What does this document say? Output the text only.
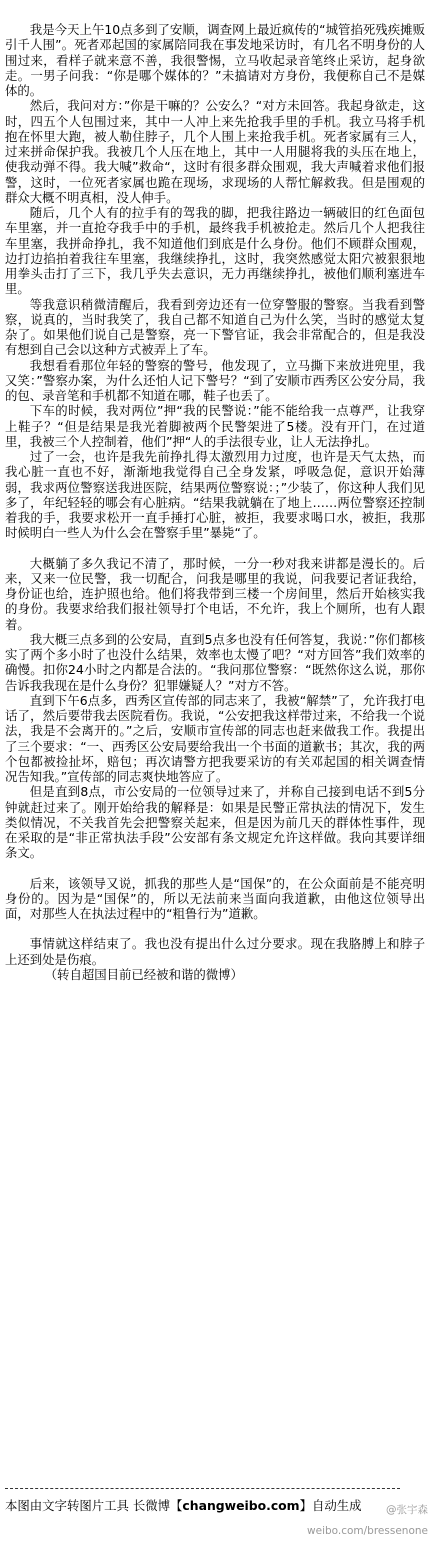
我是今天上午10点多到了安顺，调查网上最近疯传的“城管掐死残疾摊贩引千人围”。死者邓起国的家属陪同我在事发地采访时，有几名不明身份的人围过来，看样子就来意不善，我很警惕，立马收起录音笔终止采访，起身欲走。一男子问我：“你是哪个媒体的？”未搞请对方身份，我便称自己不是媒体的。

然后，我问对方：”你是干嘛的？公安么？“对方未回答。我起身欲走，这时，四五个人包围过来，其中一人冲上来先抢我手里的手机。我立马将手机抱在怀里大跑，被人勒住脖子，几个人围上来抢我手机。死者家属有三人，过来拼命保护我。我被几个人压在地上，其中一人用腿将我的头压在地上，使我动弹不得。我大喊”救命“，这时有很多群众围观，我大声喊着求他们报警，这时，一位死者家属也跪在现场，求现场的人帮忙解救我。但是围观的群众大概不明真相，没人伸手。

随后，几个人有的拉手有的驾我的脚，把我往路边一辆破旧的红色面包车里塞，并一直抢夺我手中的手机，最终我手机被抢走。然后几个人把我往车里塞，我拼命挣扎，我不知道他们到底是什么身份。他们不顾群众围观，边打边掐拍着我往车里塞，我继续挣扎，这时，我突然感觉太阳穴被狠狠地用拳头击打了三下，我几乎失去意识，无力再继续挣扎，被他们顺利塞进车里。

等我意识稍微清醒后，我看到旁边还有一位穿警服的警察。当我看到警察，说真的，当时我笑了，我自己都不知道自己为什么笑，当时的感觉太复杂了。如果他们说自己是警察，亮一下警官证，我会非常配合的，但是我没有想到自己会以这种方式被弄上了车。

我想看看那位年轻的警察的警号，他发现了，立马撕下来放进兜里，我又笑：”警察办案，为什么还怕人记下警号？“到了安顺市西秀区公安分局，我的包、录音笔和手机都不知道在哪，鞋子也丢了。

下车的时候，我对两位”押“我的民警说：”能不能给我一点尊严，让我穿上鞋子？“但是结果是我光着脚被两个民警架进了5楼。没有开门，在过道里，我被三个人控制着，他们”押“人的手法很专业，让人无法挣扎。

过了一会，也许是我先前挣扎得太激烈用力过度，也许是天气太热，而我心脏一直也不好，渐渐地我觉得自己全身发紧，呼吸急促，意识开始薄弱，我求两位警察送我进医院，结果两位警察说：；”少装了，你这种人我们见多了，年纪轻轻的哪会有心脏病。“结果我就躺在了地上……两位警察还控制着我的手，我要求松开一直手捶打心脏，被拒，我要求喝口水，被拒，我那时候明白一些人为什么会在警察手里”暴毙“了。

大概躺了多久我记不清了，那时候，一分一秒对我来讲都是漫长的。后来，又来一位民警，我一切配合，问我是哪里的我说，问我要记者证我给，身份证也给，连护照也给。他们将我带到三楼一个房间里，然后开始核实我的身份。我要求给我们报社领导打个电话，不允许，我上个厕所，也有人跟着。

我大概三点多到的公安局，直到5点多也没有任何答复，我说：”你们都核实了两个多小时了也没什么结果，效率也太慢了吧？“对方回答”我们效率的确慢。扣你24小时之内都是合法的。“我问那位警察：“既然你这么说，那你告诉我我现在是什么身份？犯罪嫌疑人？”对方不答。

直到下午6点多，西秀区宣传部的同志来了，我被“解禁”了，允许我打电话了，然后要带我去医院看伤。我说，“公安把我这样带过来，不给我一个说法，我是不会离开的。”之后，安顺市宣传部的同志也赶来做我工作。我提出了三个要求：“一、西秀区公安局要给我出一个书面的道歉书；其次，我的两个包都被捡扯坏，赔包；再次请警方把我要采访的有关邓起国的相关调查情况告知我。”宣传部的同志爽快地答应了。

但是直到8点，市公安局的一位领导过来了，并称自己接到电话不到5分钟就赶过来了。刚开始给我的解释是：如果是民警正常执法的情况下，发生类似情况，不关我首先会把警察关起来，但是因为前几天的群体性事件，现在采取的是“非正常执法手段”公安部有条文规定允许这样做。我向其要详细条文。

后来，该领导又说，抓我的那些人是“国保”的，在公众面前是不能亮明身份的。因为是“国保”的，所以无法前来当面向我道歉，由他这位领导出面，对那些人在执法过程中的“粗鲁行为”道歉。

事情就这样结束了。我也没有提出什么过分要求。现在我胳膊上和脖子上还到处是伤痕。

（转自超国目前已经被和谐的微博）

本图由文字转图片工具 长微博【changweibo.com】自动生成	@张宇森
weibo.com/bressenone
